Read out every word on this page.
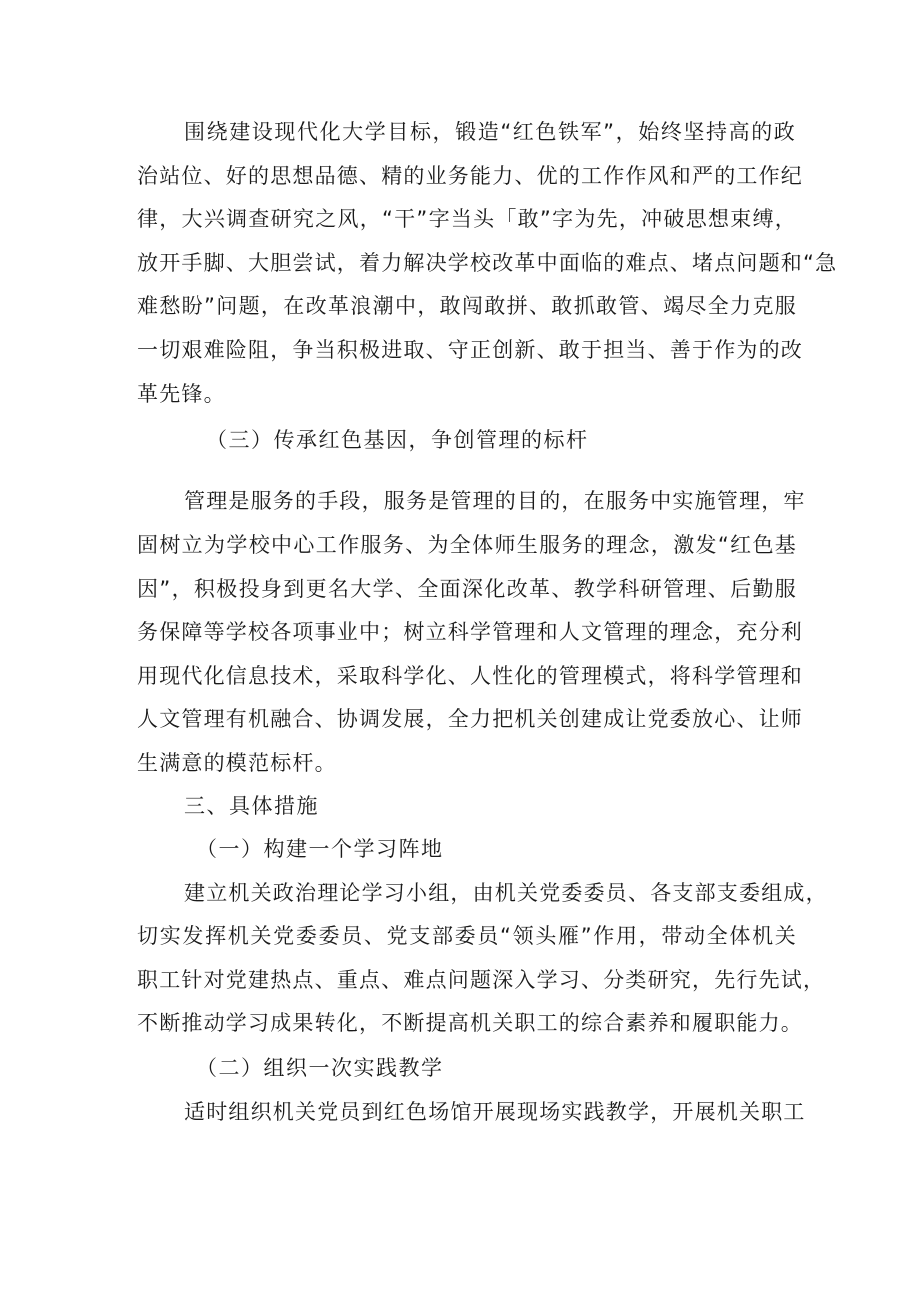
围绕建设现代化大学目标，锻造“红色铁军”，始终坚持高的政
治站位、好的思想品德、精的业务能力、优的工作作风和严的工作纪
律，大兴调查研究之风，“干”字当头「敢”字为先，冲破思想束缚，
放开手脚、大胆尝试，着力解决学校改革中面临的难点、堵点问题和“急
难愁盼”问题，在改革浪潮中，敢闯敢拼、敢抓敢管、竭尽全力克服
一切艰难险阻，争当积极进取、守正创新、敢于担当、善于作为的改
革先锋。
（三）传承红色基因，争创管理的标杆
管理是服务的手段，服务是管理的目的，在服务中实施管理，牢
固树立为学校中心工作服务、为全体师生服务的理念，激发“红色基
因”，积极投身到更名大学、全面深化改革、教学科研管理、后勤服
务保障等学校各项事业中；树立科学管理和人文管理的理念，充分利
用现代化信息技术，采取科学化、人性化的管理模式，将科学管理和
人文管理有机融合、协调发展，全力把机关创建成让党委放心、让师
生满意的模范标杆。
三、具体措施
（一）构建一个学习阵地
建立机关政治理论学习小组，由机关党委委员、各支部支委组成，
切实发挥机关党委委员、党支部委员“领头雁”作用，带动全体机关
职工针对党建热点、重点、难点问题深入学习、分类研究，先行先试，
不断推动学习成果转化，不断提高机关职工的综合素养和履职能力。
（二）组织一次实践教学
适时组织机关党员到红色场馆开展现场实践教学，开展机关职工
